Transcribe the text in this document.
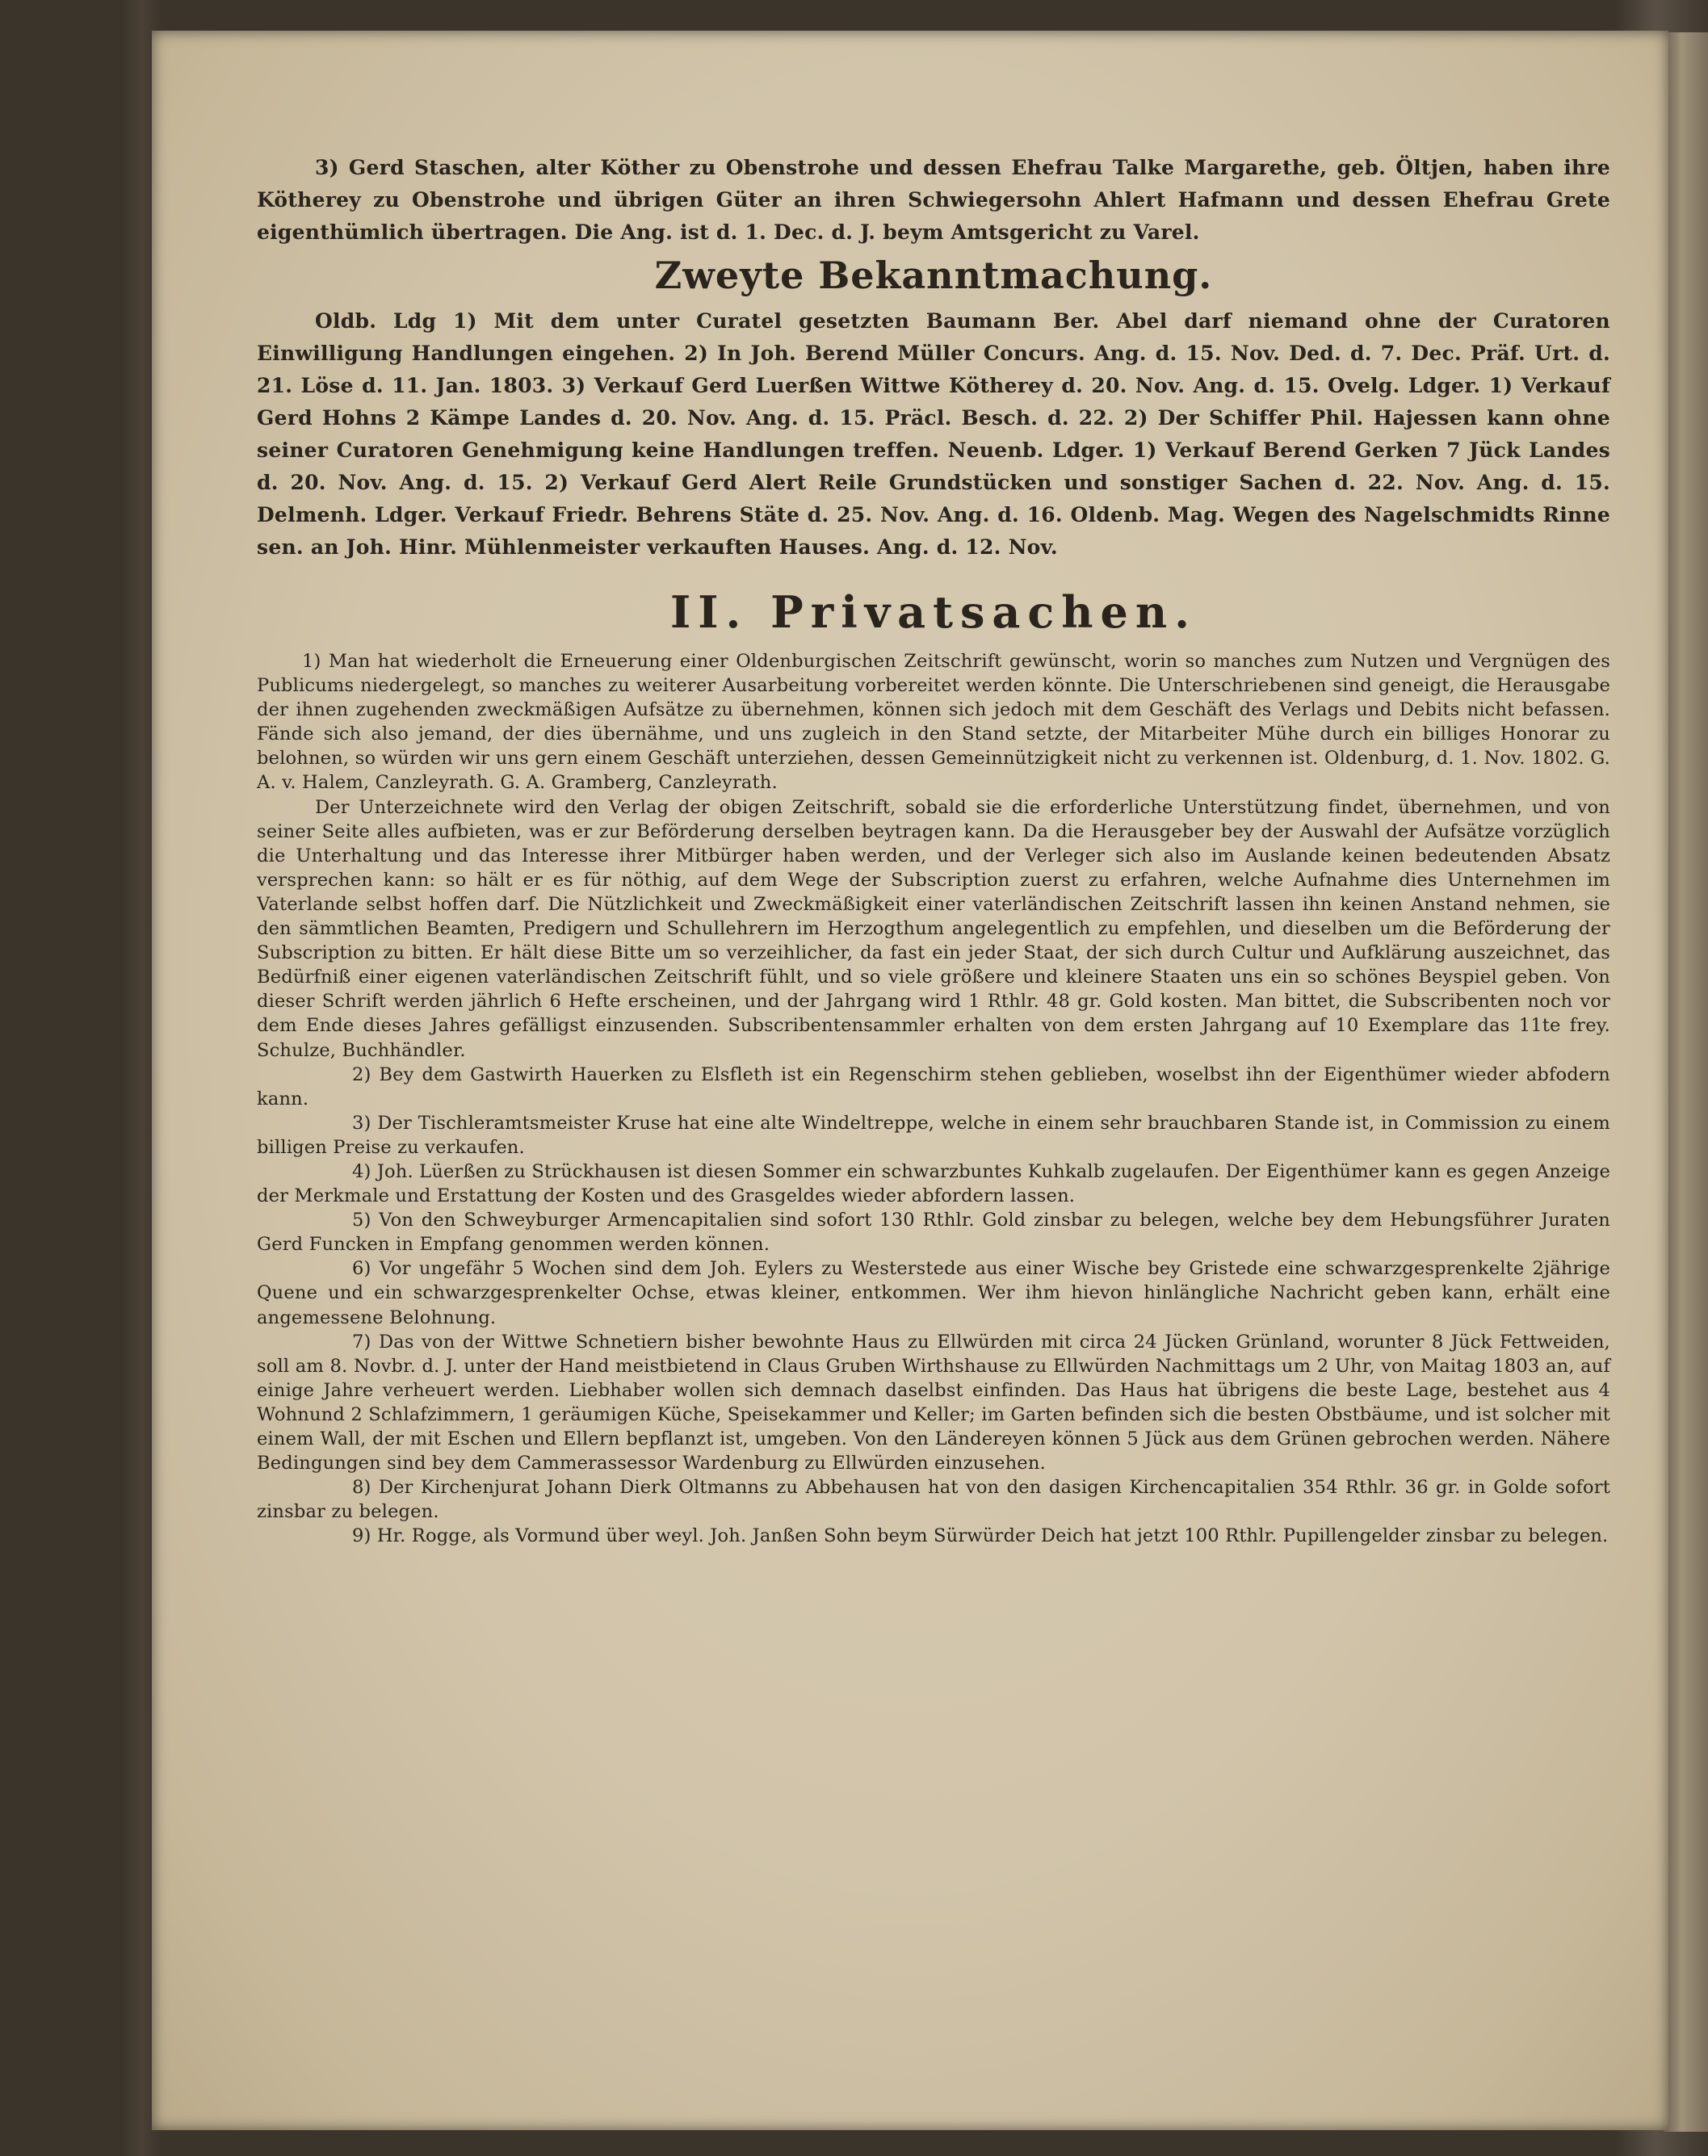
3) Gerd Staschen, alter Köther zu Obenstrohe und dessen Ehefrau Talke Margarethe, geb. Öltjen, haben ihre Kötherey zu Obenstrohe und übrigen Güter an ihren Schwiegersohn Ahlert Hafmann und dessen Ehefrau Grete eigenthümlich übertragen. Die Ang. ist d. 1. Dec. d. J. beym Amtsgericht zu Varel.

Zweyte Bekanntmachung.

Oldb. Ldg 1) Mit dem unter Curatel gesetzten Baumann Ber. Abel darf niemand ohne der Curatoren Einwilligung Handlungen eingehen. 2) In Joh. Berend Müller Concurs. Ang. d. 15. Nov. Ded. d. 7. Dec. Präf. Urt. d. 21. Löse d. 11. Jan. 1803. 3) Verkauf Gerd Luerßen Wittwe Kötherey d. 20. Nov. Ang. d. 15. Ovelg. Ldger. 1) Verkauf Gerd Hohns 2 Kämpe Landes d. 20. Nov. Ang. d. 15. Präcl. Besch. d. 22. 2) Der Schiffer Phil. Hajessen kann ohne seiner Curatoren Genehmigung keine Handlungen treffen. Neuenb. Ldger. 1) Verkauf Berend Gerken 7 Jück Landes d. 20. Nov. Ang. d. 15. 2) Verkauf Gerd Alert Reile Grundstücken und sonstiger Sachen d. 22. Nov. Ang. d. 15. Delmenh. Ldger. Verkauf Friedr. Behrens Stäte d. 25. Nov. Ang. d. 16. Oldenb. Mag. Wegen des Nagelschmidts Rinne sen. an Joh. Hinr. Mühlenmeister verkauften Hauses. Ang. d. 12. Nov.

II. Privatsachen.

1) Man hat wiederholt die Erneuerung einer Oldenburgischen Zeitschrift gewünscht, worin so manches zum Nutzen und Vergnügen des Publicums niedergelegt, so manches zu weiterer Ausarbeitung vorbereitet werden könnte. Die Unterschriebenen sind geneigt, die Herausgabe der ihnen zugehenden zweckmäßigen Aufsätze zu übernehmen, können sich jedoch mit dem Geschäft des Verlags und Debits nicht befassen. Fände sich also jemand, der dies übernähme, und uns zugleich in den Stand setzte, der Mitarbeiter Mühe durch ein billiges Honorar zu belohnen, so würden wir uns gern einem Geschäft unterziehen, dessen Gemeinnützigkeit nicht zu verkennen ist. Oldenburg, d. 1. Nov. 1802. G. A. v. Halem, Canzleyrath. G. A. Gramberg, Canzleyrath.

Der Unterzeichnete wird den Verlag der obigen Zeitschrift, sobald sie die erforderliche Unterstützung findet, übernehmen, und von seiner Seite alles aufbieten, was er zur Beförderung derselben beytragen kann. Da die Herausgeber bey der Auswahl der Aufsätze vorzüglich die Unterhaltung und das Interesse ihrer Mitbürger haben werden, und der Verleger sich also im Auslande keinen bedeutenden Absatz versprechen kann: so hält er es für nöthig, auf dem Wege der Subscription zuerst zu erfahren, welche Aufnahme dies Unternehmen im Vaterlande selbst hoffen darf. Die Nützlichkeit und Zweckmäßigkeit einer vaterländischen Zeitschrift lassen ihn keinen Anstand nehmen, sie den sämmtlichen Beamten, Predigern und Schullehrern im Herzogthum angelegentlich zu empfehlen, und dieselben um die Beförderung der Subscription zu bitten. Er hält diese Bitte um so verzeihlicher, da fast ein jeder Staat, der sich durch Cultur und Aufklärung auszeichnet, das Bedürfniß einer eigenen vaterländischen Zeitschrift fühlt, und so viele größere und kleinere Staaten uns ein so schönes Beyspiel geben. Von dieser Schrift werden jährlich 6 Hefte erscheinen, und der Jahrgang wird 1 Rthlr. 48 gr. Gold kosten. Man bittet, die Subscribenten noch vor dem Ende dieses Jahres gefälligst einzusenden. Subscribentensammler erhalten von dem ersten Jahrgang auf 10 Exemplare das 11te frey. Schulze, Buchhändler.

2) Bey dem Gastwirth Hauerken zu Elsfleth ist ein Regenschirm stehen geblieben, woselbst ihn der Eigenthümer wieder abfodern kann.

3) Der Tischleramtsmeister Kruse hat eine alte Windeltreppe, welche in einem sehr brauchbaren Stande ist, in Commission zu einem billigen Preise zu verkaufen.

4) Joh. Lüerßen zu Strückhausen ist diesen Sommer ein schwarzbuntes Kuhkalb zugelaufen. Der Eigenthümer kann es gegen Anzeige der Merkmale und Erstattung der Kosten und des Grasgeldes wieder abfordern lassen.

5) Von den Schweyburger Armencapitalien sind sofort 130 Rthlr. Gold zinsbar zu belegen, welche bey dem Hebungsführer Juraten Gerd Funcken in Empfang genommen werden können.

6) Vor ungefähr 5 Wochen sind dem Joh. Eylers zu Westerstede aus einer Wische bey Gristede eine schwarzgesprenkelte 2jährige Quene und ein schwarzgesprenkelter Ochse, etwas kleiner, entkommen. Wer ihm hievon hinlängliche Nachricht geben kann, erhält eine angemessene Belohnung.

7) Das von der Wittwe Schnetiern bisher bewohnte Haus zu Ellwürden mit circa 24 Jücken Grünland, worunter 8 Jück Fettweiden, soll am 8. Novbr. d. J. unter der Hand meistbietend in Claus Gruben Wirthshause zu Ellwürden Nachmittags um 2 Uhr, von Maitag 1803 an, auf einige Jahre verheuert werden. Liebhaber wollen sich demnach daselbst einfinden. Das Haus hat übrigens die beste Lage, bestehet aus 4 Wohnund 2 Schlafzimmern, 1 geräumigen Küche, Speisekammer und Keller; im Garten befinden sich die besten Obstbäume, und ist solcher mit einem Wall, der mit Eschen und Ellern bepflanzt ist, umgeben. Von den Ländereyen können 5 Jück aus dem Grünen gebrochen werden. Nähere Bedingungen sind bey dem Cammerassessor Wardenburg zu Ellwürden einzusehen.

8) Der Kirchenjurat Johann Dierk Oltmanns zu Abbehausen hat von den dasigen Kirchencapitalien 354 Rthlr. 36 gr. in Golde sofort zinsbar zu belegen.

9) Hr. Rogge, als Vormund über weyl. Joh. Janßen Sohn beym Sürwürder Deich hat jetzt 100 Rthlr. Pupillengelder zinsbar zu belegen.
